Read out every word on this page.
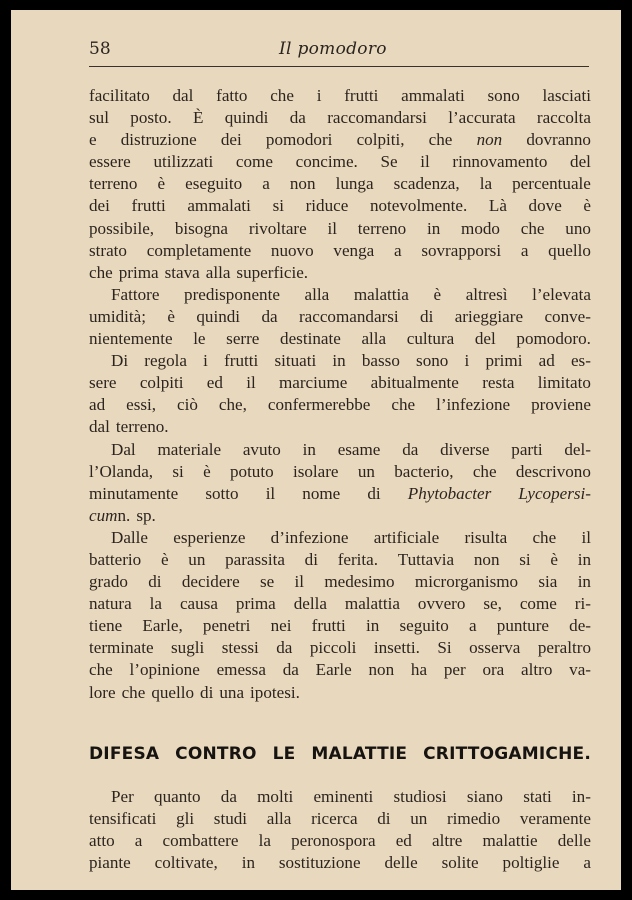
58	Il pomodoro
facilitato dal fatto che i frutti ammalati sono lasciati
sul posto. È quindi da raccomandarsi l’accurata raccolta
e distruzione dei pomodori colpiti, che non dovranno
essere utilizzati come concime. Se il rinnovamento del
terreno è eseguito a non lunga scadenza, la percentuale
dei frutti ammalati si riduce notevolmente. Là dove è
possibile, bisogna rivoltare il terreno in modo che uno
strato completamente nuovo venga a sovrapporsi a quello
che prima stava alla superficie.
Fattore predisponente alla malattia è altresì l’elevata
umidità; è quindi da raccomandarsi di arieggiare conve-
nientemente le serre destinate alla cultura del pomodoro.
Di regola i frutti situati in basso sono i primi ad es-
sere colpiti ed il marciume abitualmente resta limitato
ad essi, ciò che, confermerebbe che l’infezione proviene
dal terreno.
Dal materiale avuto in esame da diverse parti del-
l’Olanda, si è potuto isolare un bacterio, che descrivono
minutamente sotto il nome di Phytobacter Lycopersi-
cum n. sp.
Dalle esperienze d’infezione artificiale risulta che il
batterio è un parassita di ferita. Tuttavia non si è in
grado di decidere se il medesimo microrganismo sia in
natura la causa prima della malattia ovvero se, come ri-
tiene Earle, penetri nei frutti in seguito a punture de-
terminate sugli stessi da piccoli insetti. Si osserva peraltro
che l’opinione emessa da Earle non ha per ora altro va-
lore che quello di una ipotesi.
DIFESA CONTRO LE MALATTIE CRITTOGAMICHE.
Per quanto da molti eminenti studiosi siano stati in-
tensificati gli studi alla ricerca di un rimedio veramente
atto a combattere la peronospora ed altre malattie delle
piante coltivate, in sostituzione delle solite poltiglie a
